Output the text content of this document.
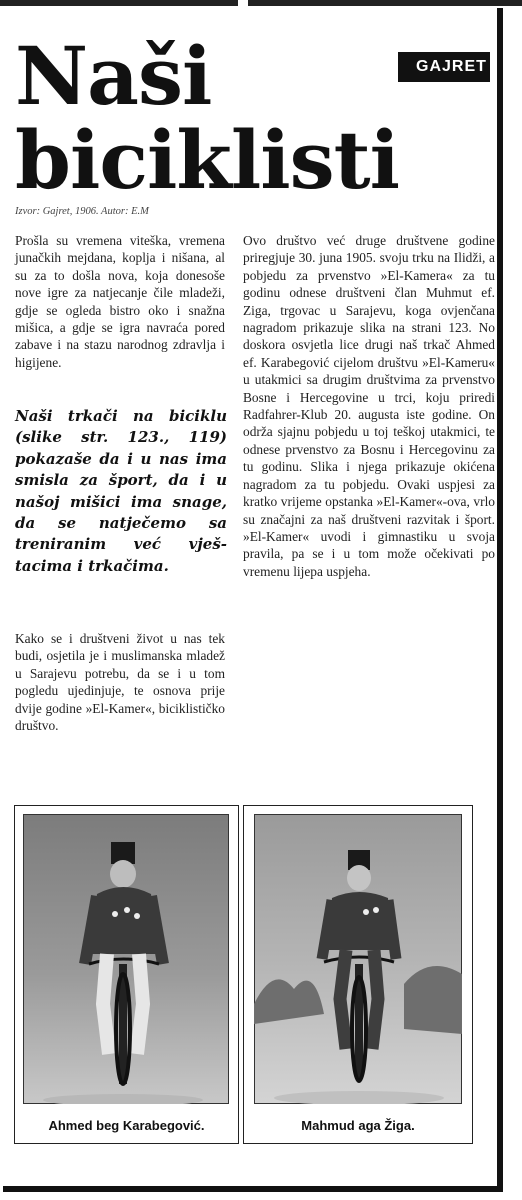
Naši biciklisti
GAJRET
Izvor: Gajret, 1906. Autor: E.M

Prošla su vremena viteška, vremena junačkih mejdana, koplja i nišana, al su za to došla nova, koja donesoše nove igre za natjecanje čile mladeži, gdje se ogleda bistro oko i snažna mišica, a gdje se igra navraća pored zabave i na stazu narodnog zdravlja i higijene.

Naši trkači na biciklu (slike str. 123., 119) pokazaše da i u nas ima smisla za šport, da i u našoj mišici ima snage, da se natječemo sa treniranim već vještacima i trkačima.

Kako se i društveni život u nas tek budi, osjetila je i muslimanska mladež u Sarajevu potrebu, da se i u tom pogledu ujedinjuje, te osnova prije dvije godine »El-Kamer«, biciklističko društvo.

Ovo društvo već druge društvene godine priregjuje 30. juna 1905. svoju trku na Ilidži, a pobjedu za prvenstvo »El-Kamera« za tu godinu odnese društveni član Muhmut ef. Ziga, trgovac u Sarajevu, koga ovjenčana nagradom prikazuje slika na strani 123. No doskora osvjetla lice drugi naš trkač Ahmed ef. Karabegović cijelom društvu »El-Kameru« u utakmici sa drugim društvima za prvenstvo Bosne i Hercegovine u trci, koju priredi Radfahrer-Klub 20. augusta iste godine. On održa sjajnu pobjedu u toj teškoj utakmici, te odnese prvenstvo za Bosnu i Hercegovinu za tu godinu. Slika i njega prikazuje okićena nagradom za tu pobjedu. Ovaki uspjesi za kratko vrijeme opstanka »El-Kamer«-ova, vrlo su značajni za naš društveni razvitak i šport. »El-Kamer« uvodi i gimnastiku u svoja pravila, pa se i u tom može očekivati po vremenu lijepa uspjeha.

Ahmed beg Karabegović.	Mahmud aga Žiga.
